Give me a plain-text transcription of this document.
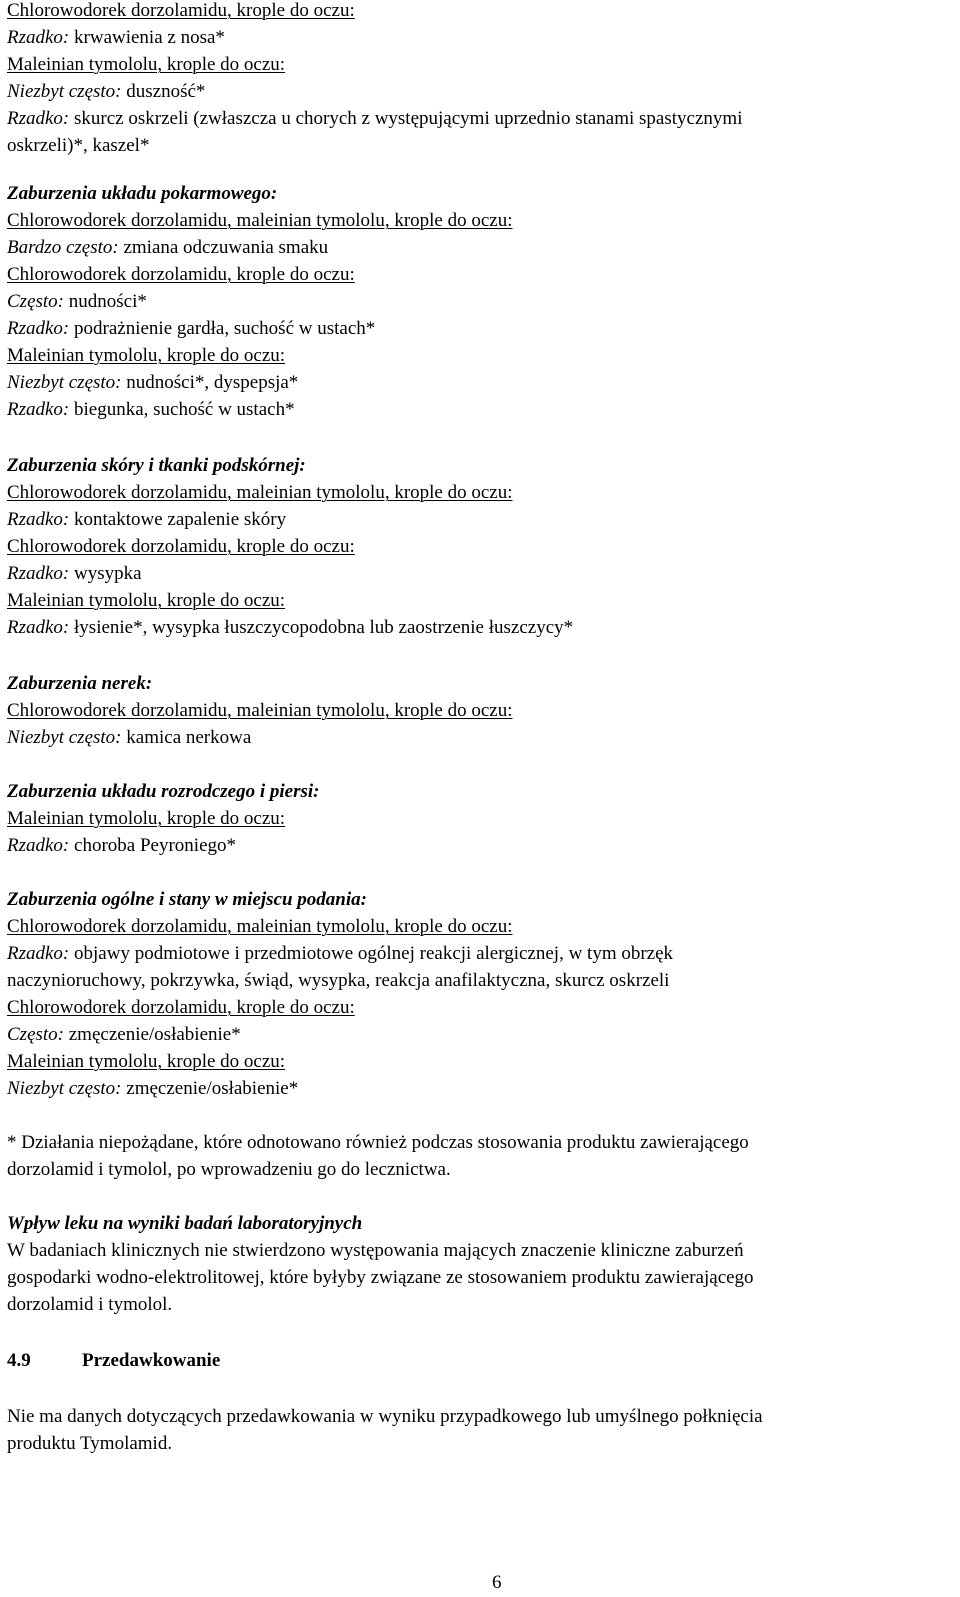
Chlorowodorek dorzolamidu, krople do oczu:
Rzadko: krwawienia z nosa*
Maleinian tymololu, krople do oczu:
Niezbyt często: duszność*
Rzadko: skurcz oskrzeli (zwłaszcza u chorych z występującymi uprzednio stanami spastycznymi
oskrzeli)*, kaszel*
Zaburzenia układu pokarmowego:
Chlorowodorek dorzolamidu, maleinian tymololu, krople do oczu:
Bardzo często: zmiana odczuwania smaku
Chlorowodorek dorzolamidu, krople do oczu:
Często: nudności*
Rzadko: podrażnienie gardła, suchość w ustach*
Maleinian tymololu, krople do oczu:
Niezbyt często: nudności*, dyspepsja*
Rzadko: biegunka, suchość w ustach*
Zaburzenia skóry i tkanki podskórnej:
Chlorowodorek dorzolamidu, maleinian tymololu, krople do oczu:
Rzadko: kontaktowe zapalenie skóry
Chlorowodorek dorzolamidu, krople do oczu:
Rzadko: wysypka
Maleinian tymololu, krople do oczu:
Rzadko: łysienie*, wysypka łuszczycopodobna lub zaostrzenie łuszczycy*
Zaburzenia nerek:
Chlorowodorek dorzolamidu, maleinian tymololu, krople do oczu:
Niezbyt często: kamica nerkowa
Zaburzenia układu rozrodczego i piersi:
Maleinian tymololu, krople do oczu:
Rzadko: choroba Peyroniego*
Zaburzenia ogólne i stany w miejscu podania:
Chlorowodorek dorzolamidu, maleinian tymololu, krople do oczu:
Rzadko: objawy podmiotowe i przedmiotowe ogólnej reakcji alergicznej, w tym obrzęk
naczynioruchowy, pokrzywka, świąd, wysypka, reakcja anafilaktyczna, skurcz oskrzeli
Chlorowodorek dorzolamidu, krople do oczu:
Często: zmęczenie/osłabienie*
Maleinian tymololu, krople do oczu:
Niezbyt często: zmęczenie/osłabienie*
* Działania niepożądane, które odnotowano również podczas stosowania produktu zawierającego
dorzolamid i tymolol, po wprowadzeniu go do lecznictwa.
Wpływ leku na wyniki badań laboratoryjnych
W badaniach klinicznych nie stwierdzono występowania mających znaczenie kliniczne zaburzeń
gospodarki wodno-elektrolitowej, które byłyby związane ze stosowaniem produktu zawierającego
dorzolamid i tymolol.
4.9	Przedawkowanie
Nie ma danych dotyczących przedawkowania w wyniku przypadkowego lub umyślnego połknięcia
produktu Tymolamid.
6
